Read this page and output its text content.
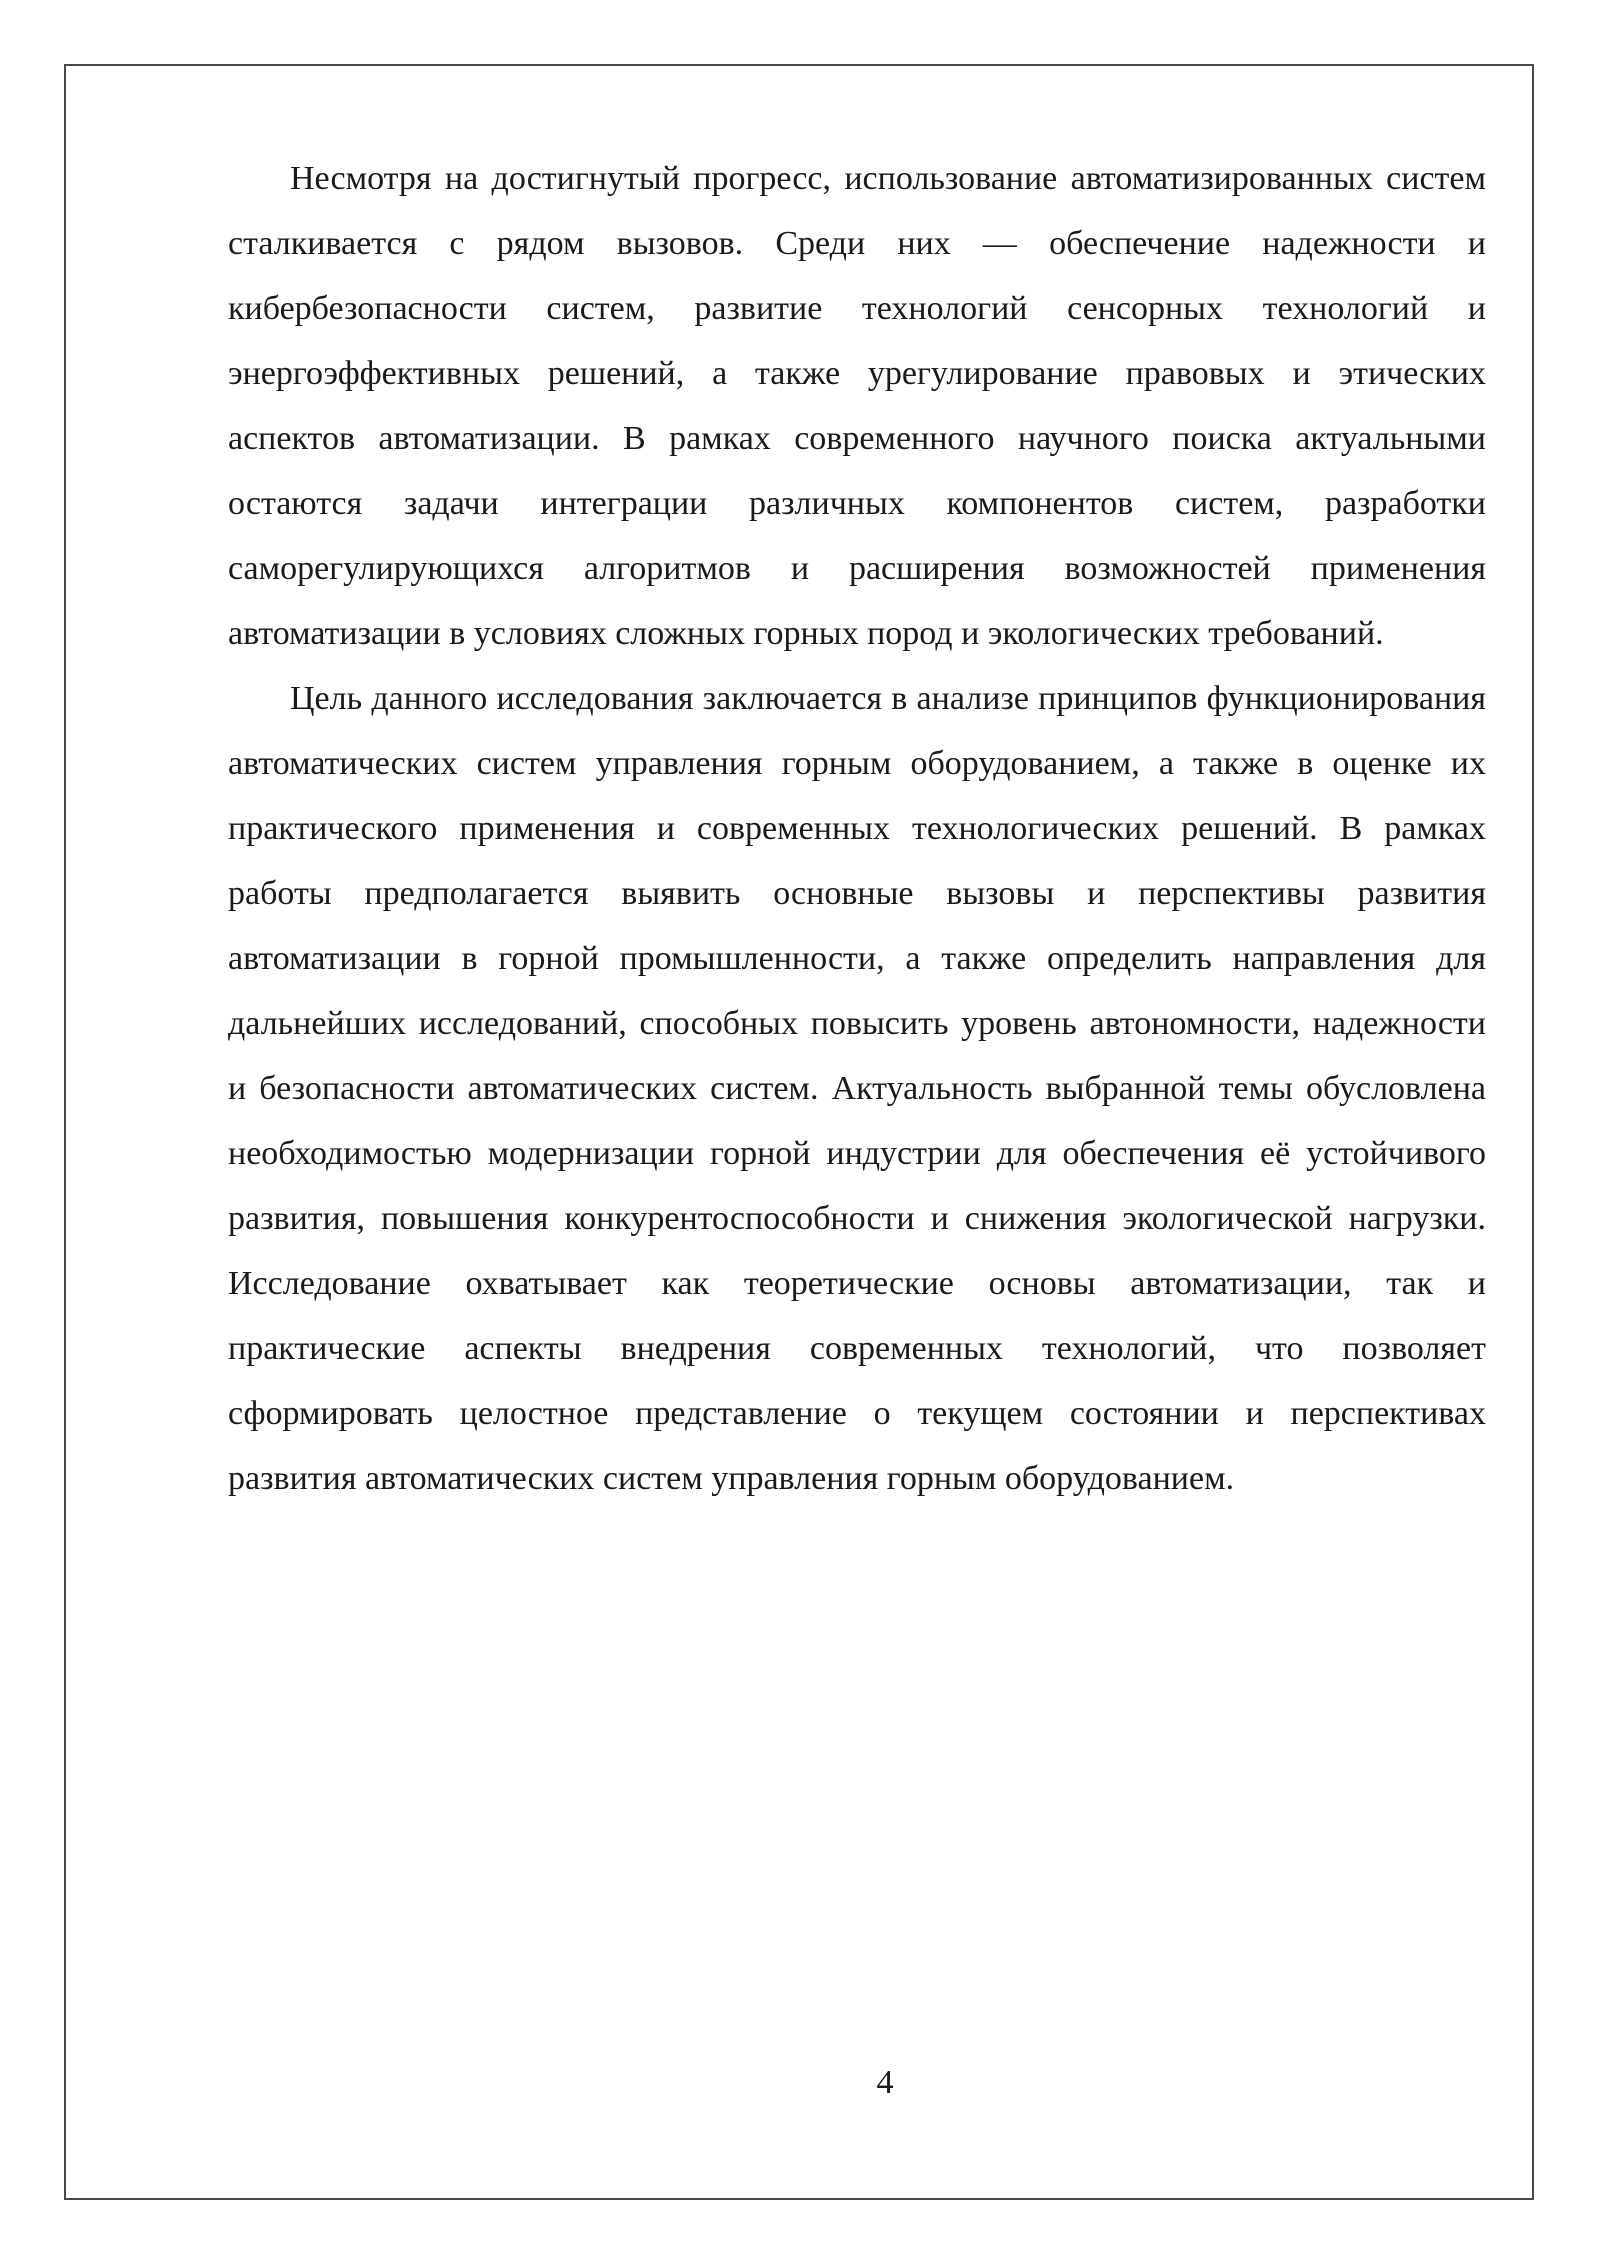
Несмотря на достигнутый прогресс, использование автоматизированных систем сталкивается с рядом вызовов. Среди них — обеспечение надежности и кибербезопасности систем, развитие технологий сенсорных технологий и энергоэффективных решений, а также урегулирование правовых и этических аспектов автоматизации. В рамках современного научного поиска актуальными остаются задачи интеграции различных компонентов систем, разработки саморегулирующихся алгоритмов и расширения возможностей применения автоматизации в условиях сложных горных пород и экологических требований.

Цель данного исследования заключается в анализе принципов функционирования автоматических систем управления горным оборудованием, а также в оценке их практического применения и современных технологических решений. В рамках работы предполагается выявить основные вызовы и перспективы развития автоматизации в горной промышленности, а также определить направления для дальнейших исследований, способных повысить уровень автономности, надежности и безопасности автоматических систем. Актуальность выбранной темы обусловлена необходимостью модернизации горной индустрии для обеспечения её устойчивого развития, повышения конкурентоспособности и снижения экологической нагрузки. Исследование охватывает как теоретические основы автоматизации, так и практические аспекты внедрения современных технологий, что позволяет сформировать целостное представление о текущем состоянии и перспективах развития автоматических систем управления горным оборудованием.

4
